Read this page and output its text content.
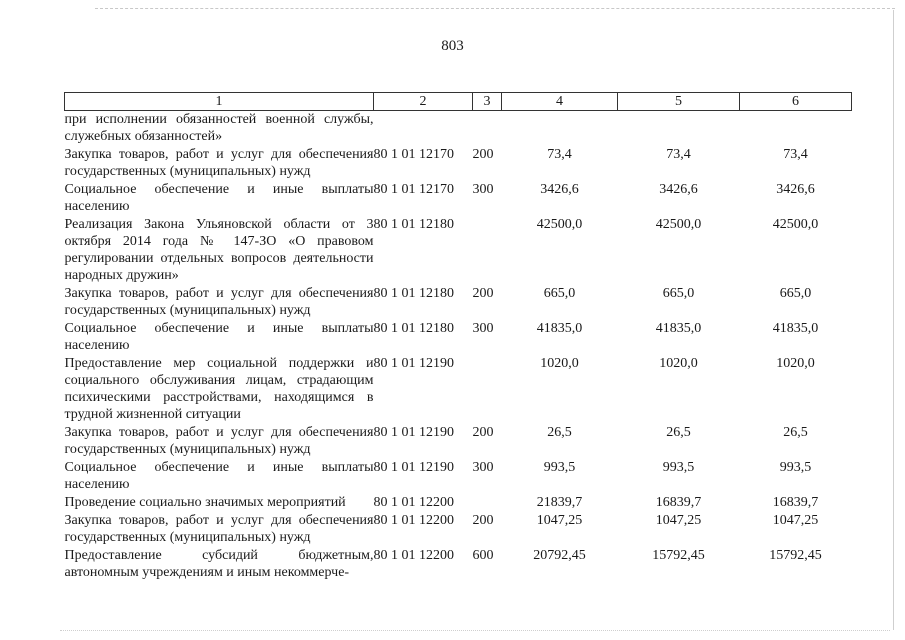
803
1	2	3	4	5	6
при исполнении обязанностей военной службы, служебных обязанностей»					
Закупка товаров, работ и услуг для обеспечения государственных (муниципальных) нужд	80 1 01 12170	200	73,4	73,4	73,4
Социальное обеспечение и иные выплаты населению	80 1 01 12170	300	3426,6	3426,6	3426,6
Реализация Закона Ульяновской области от 3 октября 2014 года № 147-ЗО «О правовом регулировании отдельных вопросов деятельности народных дружин»	80 1 01 12180		42500,0	42500,0	42500,0
Закупка товаров, работ и услуг для обеспечения государственных (муниципальных) нужд	80 1 01 12180	200	665,0	665,0	665,0
Социальное обеспечение и иные выплаты населению	80 1 01 12180	300	41835,0	41835,0	41835,0
Предоставление мер социальной поддержки и социального обслуживания лицам, страдающим психическими расстройствами, находящимся в трудной жизненной ситуации	80 1 01 12190		1020,0	1020,0	1020,0
Закупка товаров, работ и услуг для обеспечения государственных (муниципальных) нужд	80 1 01 12190	200	26,5	26,5	26,5
Социальное обеспечение и иные выплаты населению	80 1 01 12190	300	993,5	993,5	993,5
Проведение социально значимых мероприятий	80 1 01 12200		21839,7	16839,7	16839,7
Закупка товаров, работ и услуг для обеспечения государственных (муниципальных) нужд	80 1 01 12200	200	1047,25	1047,25	1047,25
Предоставление субсидий бюджетным, автономным учреждениям и иным некоммерче-	80 1 01 12200	600	20792,45	15792,45	15792,45
